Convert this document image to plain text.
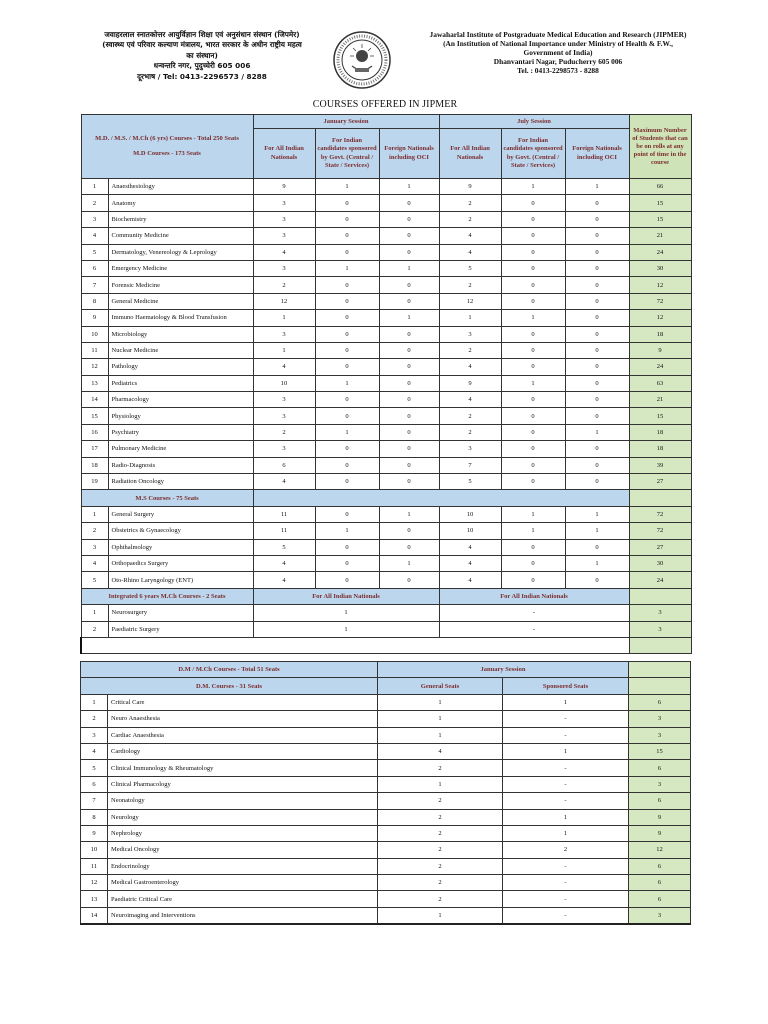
जवाहरलाल स्नातकोत्तर आयुर्विज्ञान शिक्षा एवं अनुसंधान संस्थान (जिपमेर)
(स्वास्थ्य एवं परिवार कल्याण मंत्रालय, भारत सरकार के अधीन राष्ट्रीय महत्व
का संस्थान)
धन्वन्तरि नगर, पुदुच्चेरी 605 006
दूरभाष / Tel: 0413-2296573 / 8288
Jawaharlal Institute of Postgraduate Medical Education and Research (JIPMER)
(An Institution of National Importance under Ministry of Health & F.W.,
Government of India)
Dhanvantari Nagar, Puducherry 605 006
Tel. : 0413-2298573 - 8288
COURSES OFFERED IN JIPMER
M.D. / M.S. / M.Ch (6 yrs) Courses - Total 250 Seats
M.D Courses - 173 Seats		January Session			July Session			Maximum Number of Students that can be on rolls at any point of time in the course
		For All Indian Nationals	For Indian candidates sponsored by Govt. (Central / State / Services)	Foreign Nationals including OCI	For All Indian Nationals	For Indian candidates sponsored by Govt. (Central / State / Services)	Foreign Nationals including OCI	
1	Anaesthesiology	9	1	1	9	1	1	66
2	Anatomy	3	0	0	2	0	0	15
3	Biochemistry	3	0	0	2	0	0	15
4	Community Medicine	3	0	0	4	0	0	21
5	Dermatology, Venereology & Leprology	4	0	0	4	0	0	24
6	Emergency Medicine	3	1	1	5	0	0	30
7	Forensic Medicine	2	0	0	2	0	0	12
8	General Medicine	12	0	0	12	0	0	72
9	Immuno Haematology & Blood Transfusion	1	0	1	1	1	0	12
10	Microbiology	3	0	0	3	0	0	18
11	Nuclear Medicine	1	0	0	2	0	0	9
12	Pathology	4	0	0	4	0	0	24
13	Pediatrics	10	1	0	9	1	0	63
14	Pharmacology	3	0	0	4	0	0	21
15	Physiology	3	0	0	2	0	0	15
16	Psychiatry	2	1	0	2	0	1	18
17	Pulmonary Medicine	3	0	0	3	0	0	18
18	Radio-Diagnosis	6	0	0	7	0	0	39
19	Radiation Oncology	4	0	0	5	0	0	27
M.S Courses - 75 Seats								
1	General Surgery	11	0	1	10	1	1	72
2	Obstetrics & Gynaecology	11	1	0	10	1	1	72
3	Ophthalmology	5	0	0	4	0	0	27
4	Orthopaedics Surgery	4	0	1	4	0	1	30
5	Oto-Rhino Laryngology (ENT)	4	0	0	4	0	0	24
Integrated 6 years M.Ch Courses - 2 Seats		For All Indian Nationals			For All Indian Nationals			
1	Neurosurgery	1			-			3
2	Paediatric Surgery	1			-			3

D.M / M.Ch Courses - Total 51 Seats		January Session		
D.M. Courses - 31 Seats		General Seats	Sponsored Seats	
1	Critical Care	1	1	6
2	Neuro Anaesthesia	1	-	3
3	Cardiac Anaesthesia	1	-	3
4	Cardiology	4	1	15
5	Clinical Immunology & Rheumatology	2	-	6
6	Clinical Pharmacology	1	-	3
7	Neonatology	2	-	6
8	Neurology	2	1	9
9	Nephrology	2	1	9
10	Medical Oncology	2	2	12
11	Endocrinology	2	-	6
12	Medical Gastroenterology	2	-	6
13	Paediatric Critical Care	2	-	6
14	Neuroimaging and Interventions	1	-	3
